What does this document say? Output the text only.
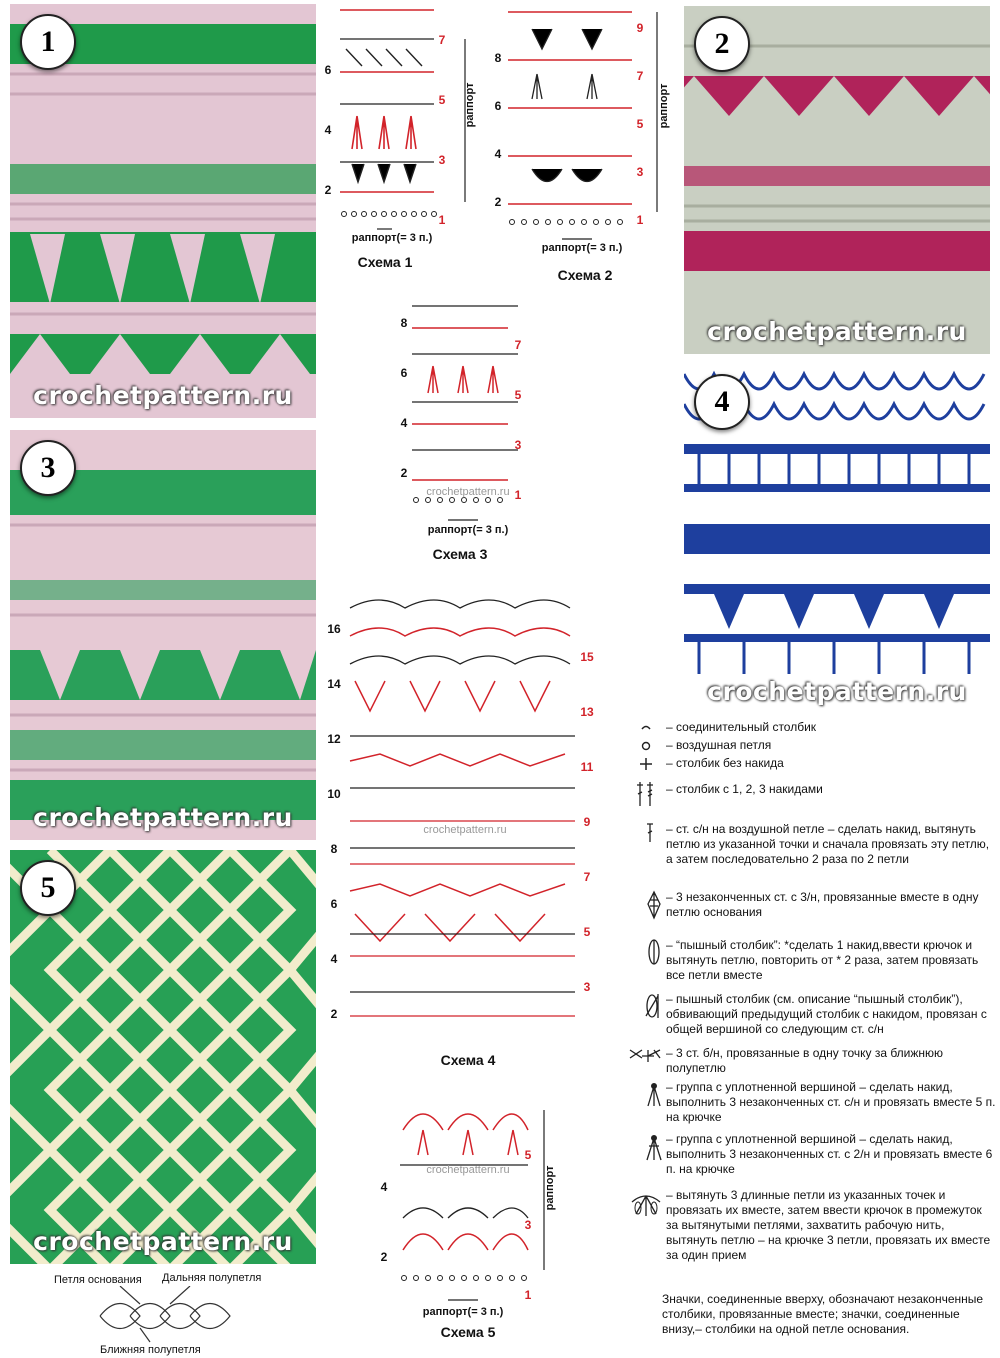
1
crochetpattern.ru
3
crochetpattern.ru
5
crochetpattern.ru
2
crochetpattern.ru
4
crochetpattern.ru
6
4
2
7
5
3
1
раппорт
раппорт(= 3 п.)
Схема 1
8
6
4
2
9
7
5
3
1
раппорт
раппорт(= 3 п.)
Схема 2
8
6
4
2
7
5
3
1
crochetpattern.ru
раппорт(= 3 п.)
Схема 3
16
14
12
10
8
6
4
2
15
13
11
9
7
5
3
crochetpattern.ru
Схема 4
4
2
5
3
1
раппорт
crochetpattern.ru
раппорт(= 3 п.)
Схема 5
– соединительный столбик
– воздушная петля
– столбик без накида
– столбик с 1, 2, 3 накидами
– ст. с/н на воздушной петле – сделать накид, вытянуть петлю из указанной точки и сначала провязать эту петлю, а затем последовательно 2 раза по 2 петли
– 3 незаконченных ст. с 3/н, провязанные вместе в одну петлю основания
– “пышный столбик”: *сделать 1 накид,ввести крючок и вытянуть петлю, повторить от * 2 раза, затем провязать все петли вместе
– пышный столбик (см. описание “пышный столбик”), обвивающий предыдущий столбик с накидом, провязан с общей вершиной со следующим ст. с/н
– 3 ст. б/н, провязанные в одну точку за ближнюю полупетлю
– группа с уплотненной вершиной – сделать накид, выполнить 3 незаконченных ст. с/н и провязать вместе 5 п. на крючке
– группа с уплотненной вершиной – сделать накид, выполнить 3 незаконченных ст. с 2/н и провязать вместе 6 п. на крючке
– вытянуть 3 длинные петли из указанных точек и провязать их вместе, затем ввести крючок в промежуток за вытянутыми петлями, захватить рабочую нить, вытянуть петлю – на крючке 3 петли, провязать их вместе за один прием
Значки, соединенные вверху, обозначают незаконченные столбики, провязанные вместе; значки, соединенные внизу,– столбики на одной петле основания.
Петля основания Дальняя полупетля
Ближняя полупетля
